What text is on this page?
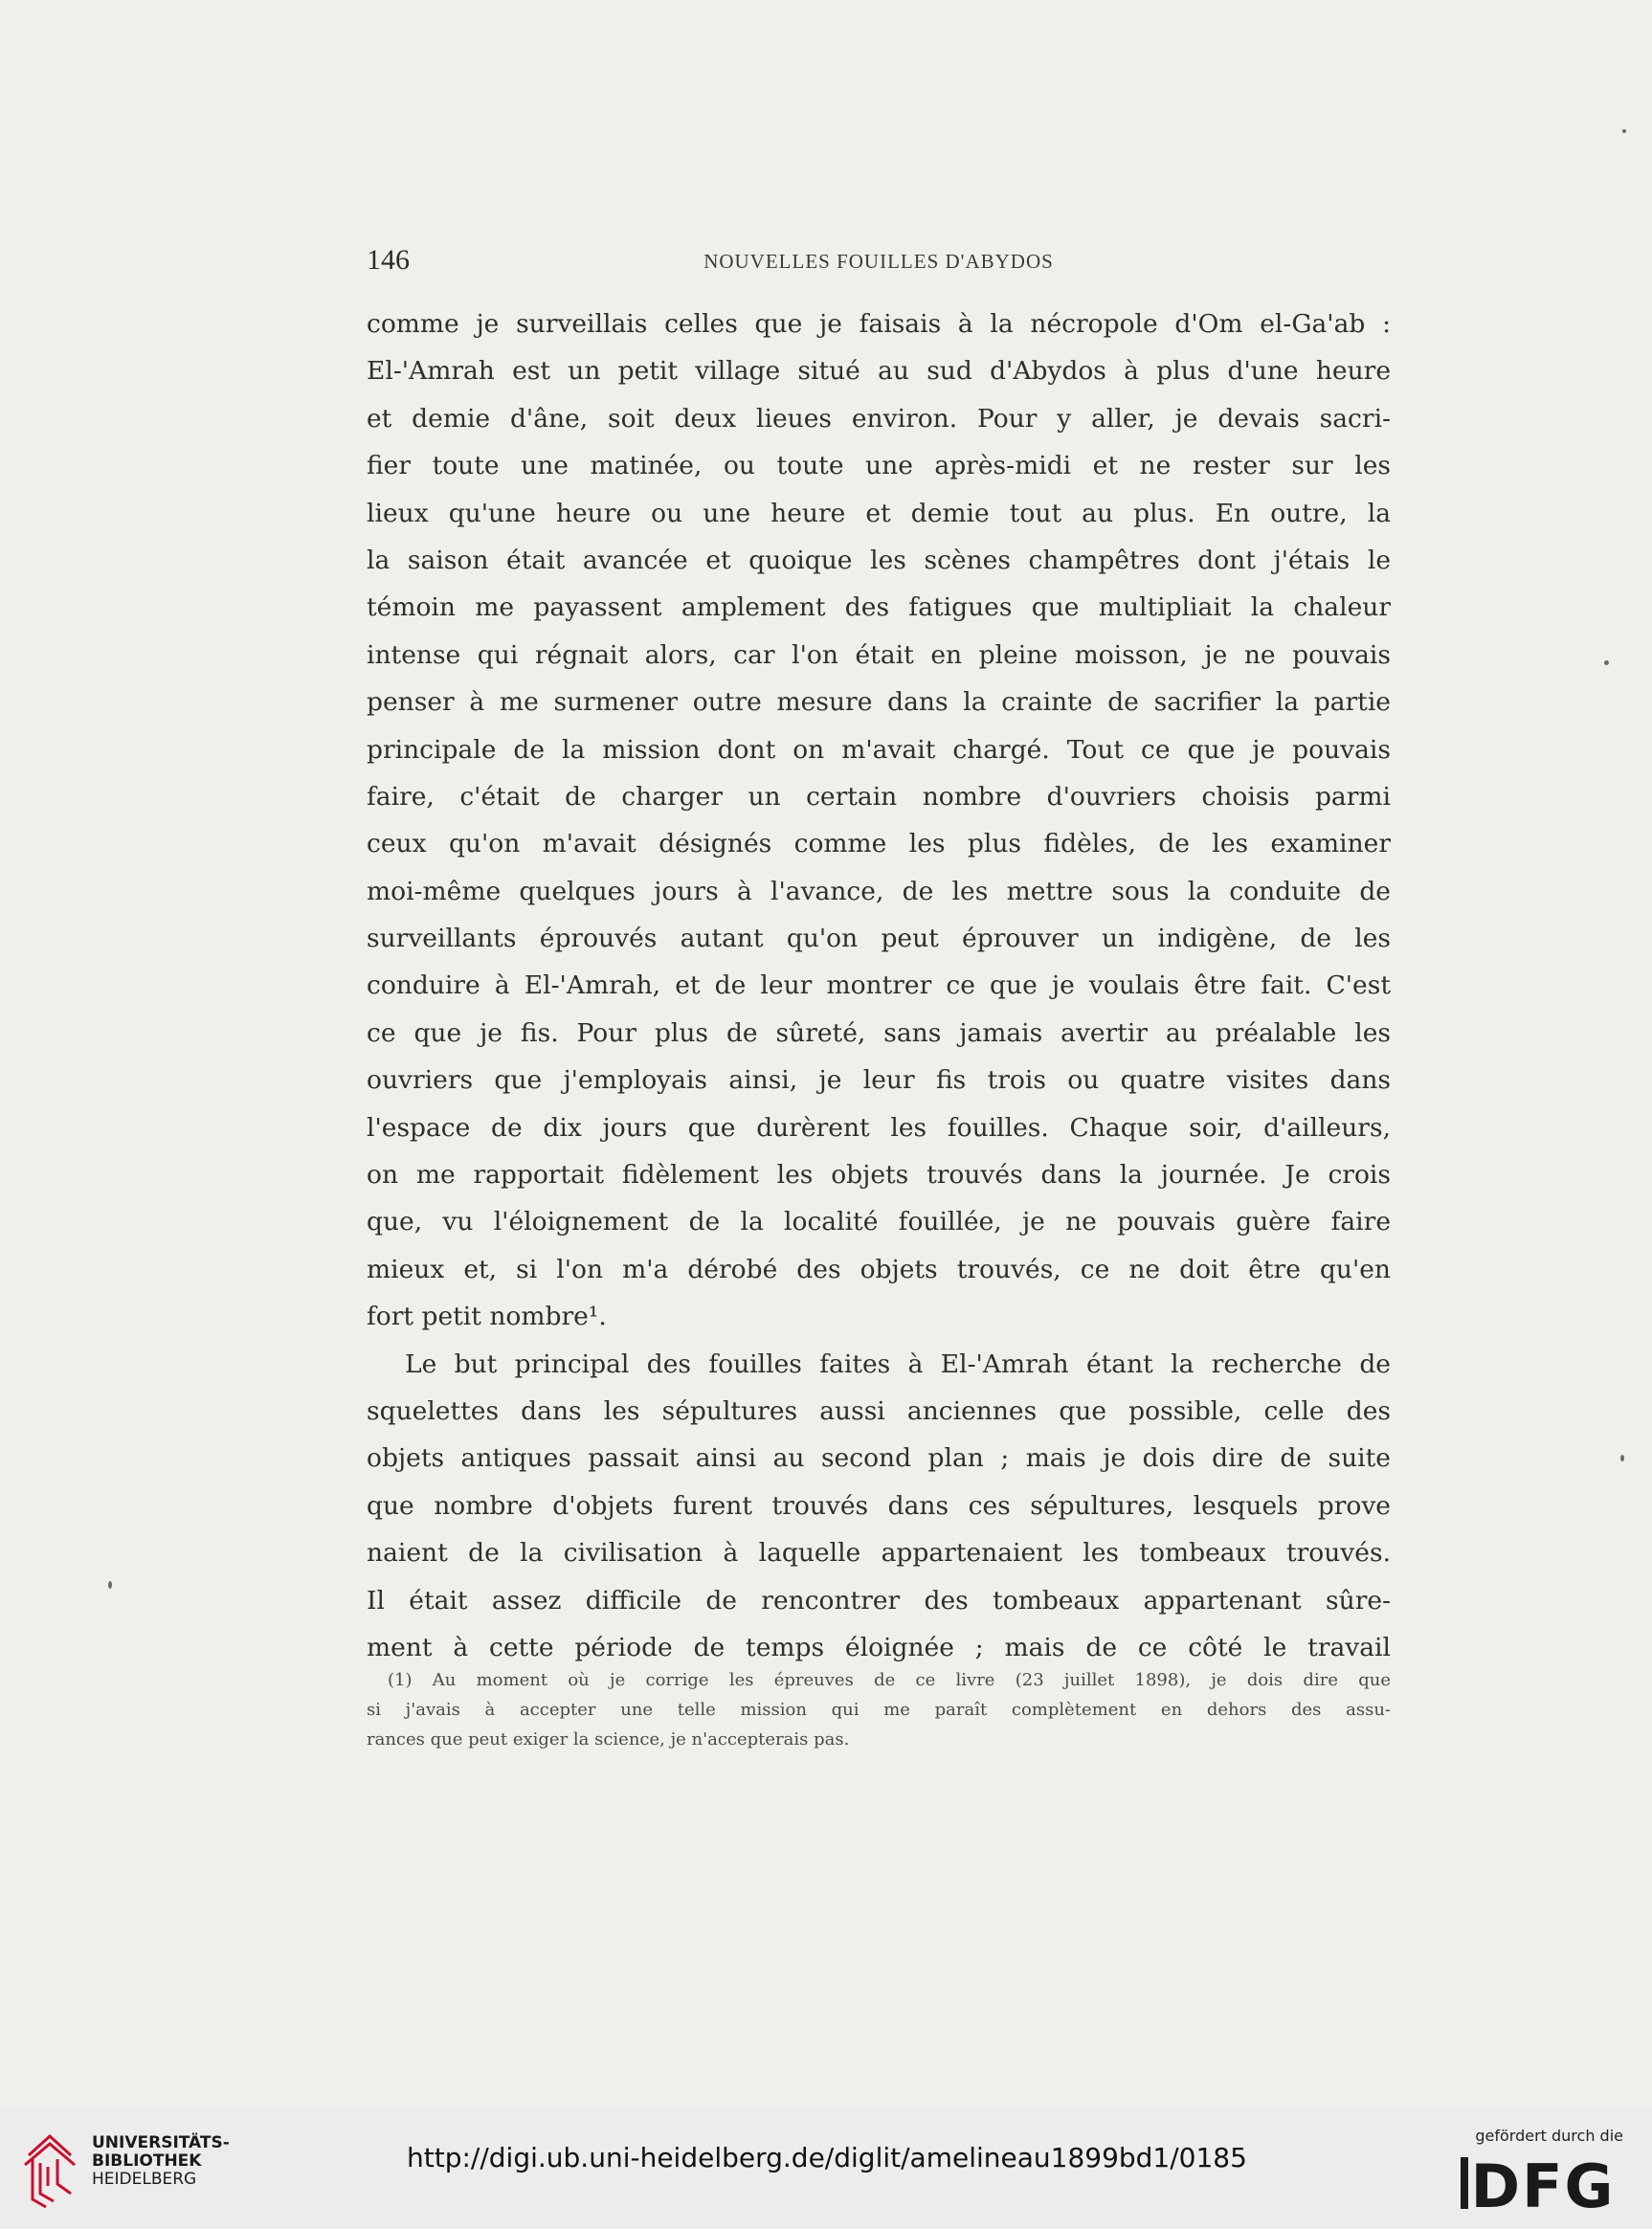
146	NOUVELLES FOUILLES D'ABYDOS
comme je surveillais celles que je faisais à la nécropole d'Om el-Ga'ab :
El-'Amrah est un petit village situé au sud d'Abydos à plus d'une heure
et demie d'âne, soit deux lieues environ. Pour y aller, je devais sacri-
fier toute une matinée, ou toute une après-midi et ne rester sur les
lieux qu'une heure ou une heure et demie tout au plus. En outre, la
la saison était avancée et quoique les scènes champêtres dont j'étais le
témoin me payassent amplement des fatigues que multipliait la chaleur
intense qui régnait alors, car l'on était en pleine moisson, je ne pouvais
penser à me surmener outre mesure dans la crainte de sacrifier la partie
principale de la mission dont on m'avait chargé. Tout ce que je pouvais
faire, c'était de charger un certain nombre d'ouvriers choisis parmi
ceux qu'on m'avait désignés comme les plus fidèles, de les examiner
moi-même quelques jours à l'avance, de les mettre sous la conduite de
surveillants éprouvés autant qu'on peut éprouver un indigène, de les
conduire à El-'Amrah, et de leur montrer ce que je voulais être fait. C'est
ce que je fis. Pour plus de sûreté, sans jamais avertir au préalable les
ouvriers que j'employais ainsi, je leur fis trois ou quatre visites dans
l'espace de dix jours que durèrent les fouilles. Chaque soir, d'ailleurs,
on me rapportait fidèlement les objets trouvés dans la journée. Je crois
que, vu l'éloignement de la localité fouillée, je ne pouvais guère faire
mieux et, si l'on m'a dérobé des objets trouvés, ce ne doit être qu'en
fort petit nombre¹.
Le but principal des fouilles faites à El-'Amrah étant la recherche de
squelettes dans les sépultures aussi anciennes que possible, celle des
objets antiques passait ainsi au second plan ; mais je dois dire de suite
que nombre d'objets furent trouvés dans ces sépultures, lesquels prove
naient de la civilisation à laquelle appartenaient les tombeaux trouvés.
Il était assez difficile de rencontrer des tombeaux appartenant sûre-
ment à cette période de temps éloignée ; mais de ce côté le travail
(1) Au moment où je corrige les épreuves de ce livre (23 juillet 1898), je dois dire que
si j'avais à accepter une telle mission qui me paraît complètement en dehors des assu-
rances que peut exiger la science, je n'accepterais pas.
UNIVERSITÄTS-
BIBLIOTHEK
HEIDELBERG
http://digi.ub.uni-heidelberg.de/diglit/amelineau1899bd1/0185
gefördert durch die
DFG
